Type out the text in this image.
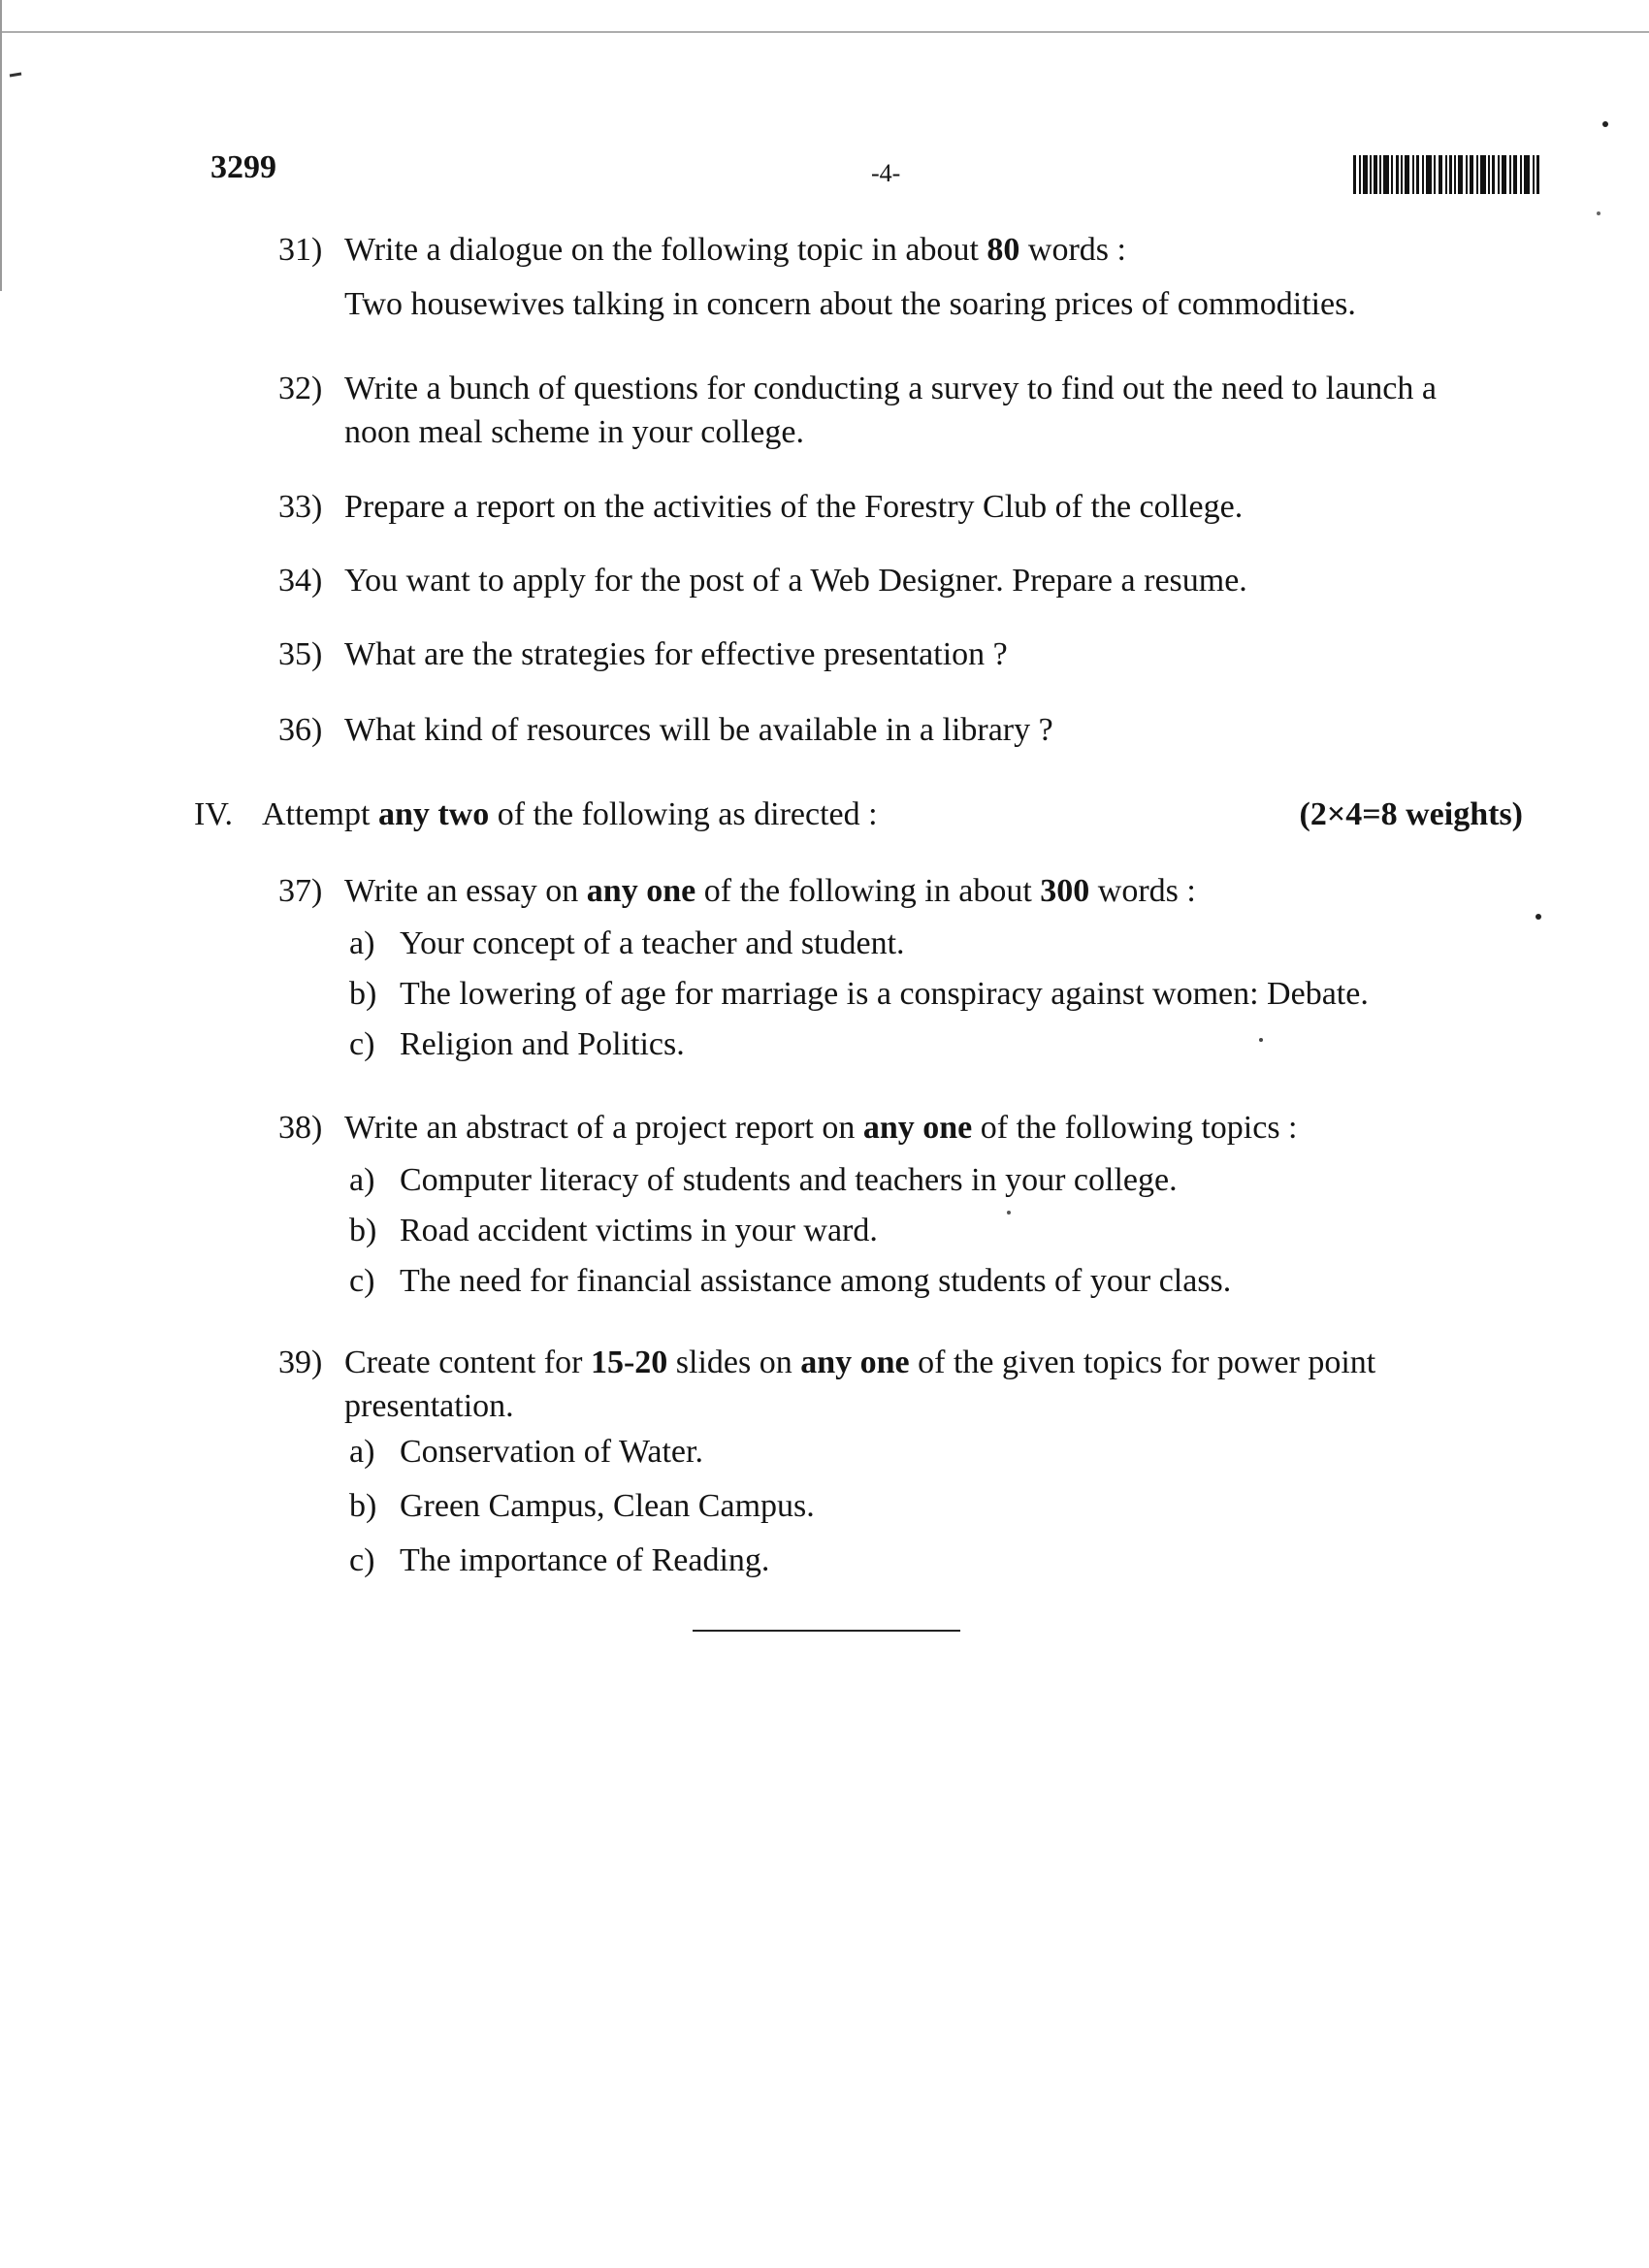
3299	-4-
31) Write a dialogue on the following topic in about 80 words :
Two housewives talking in concern about the soaring prices of commodities.
32) Write a bunch of questions for conducting a survey to find out the need to launch a noon meal scheme in your college.
33) Prepare a report on the activities of the Forestry Club of the college.
34) You want to apply for the post of a Web Designer. Prepare a resume.
35) What are the strategies for effective presentation ?
36) What kind of resources will be available in a library ?
IV. Attempt any two of the following as directed :	(2×4=8 weights)
37) Write an essay on any one of the following in about 300 words :
a) Your concept of a teacher and student.
b) The lowering of age for marriage is a conspiracy against women: Debate.
c) Religion and Politics.
38) Write an abstract of a project report on any one of the following topics :
a) Computer literacy of students and teachers in your college.
b) Road accident victims in your ward.
c) The need for financial assistance among students of your class.
39) Create content for 15-20 slides on any one of the given topics for power point presentation.
a) Conservation of Water.
b) Green Campus, Clean Campus.
c) The importance of Reading.
